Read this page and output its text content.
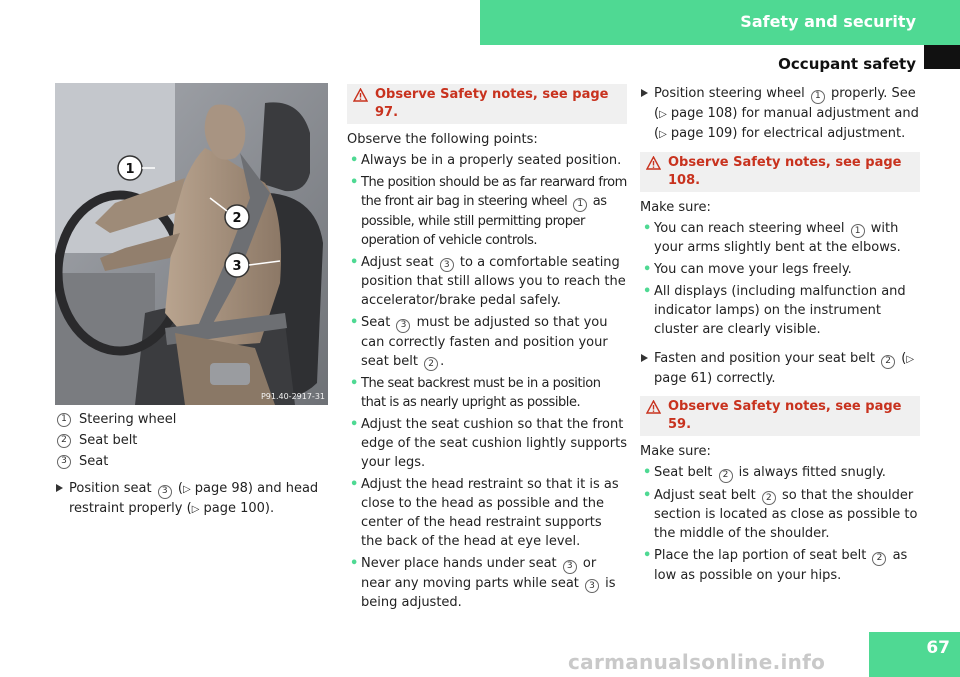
Safety and security
Occupant safety
1
2
3
P91.40-2917-31
1 Steering wheel
2 Seat belt
3 Seat

Position seat 3 (▷ page 98) and head restraint properly (▷ page 100).

Observe Safety notes, see page 97.
Observe the following points:
• Always be in a properly seated position.
• The position should be as far rearward from the front air bag in steering wheel 1 as possible, while still permitting proper operation of vehicle controls.
• Adjust seat 3 to a comfortable seating position that still allows you to reach the accelerator/brake pedal safely.
• Seat 3 must be adjusted so that you can correctly fasten and position your seat belt 2 .
• The seat backrest must be in a position that is as nearly upright as possible.
• Adjust the seat cushion so that the front edge of the seat cushion lightly supports your legs.
• Adjust the head restraint so that it is as close to the head as possible and the center of the head restraint supports the back of the head at eye level.
• Never place hands under seat 3 or near any moving parts while seat 3 is being adjusted.

Position steering wheel 1 properly. See (▷ page 108) for manual adjustment and (▷ page 109) for electrical adjustment.

Observe Safety notes, see page 108.
Make sure:
• You can reach steering wheel 1 with your arms slightly bent at the elbows.
• You can move your legs freely.
• All displays (including malfunction and indicator lamps) on the instrument cluster are clearly visible.

Fasten and position your seat belt 2 (▷ page 61) correctly.

Observe Safety notes, see page 59.
Make sure:
• Seat belt 2 is always fitted snugly.
• Adjust seat belt 2 so that the shoulder section is located as close as possible to the middle of the shoulder.
• Place the lap portion of seat belt 2 as low as possible on your hips.
carmanualsonline.info
67
